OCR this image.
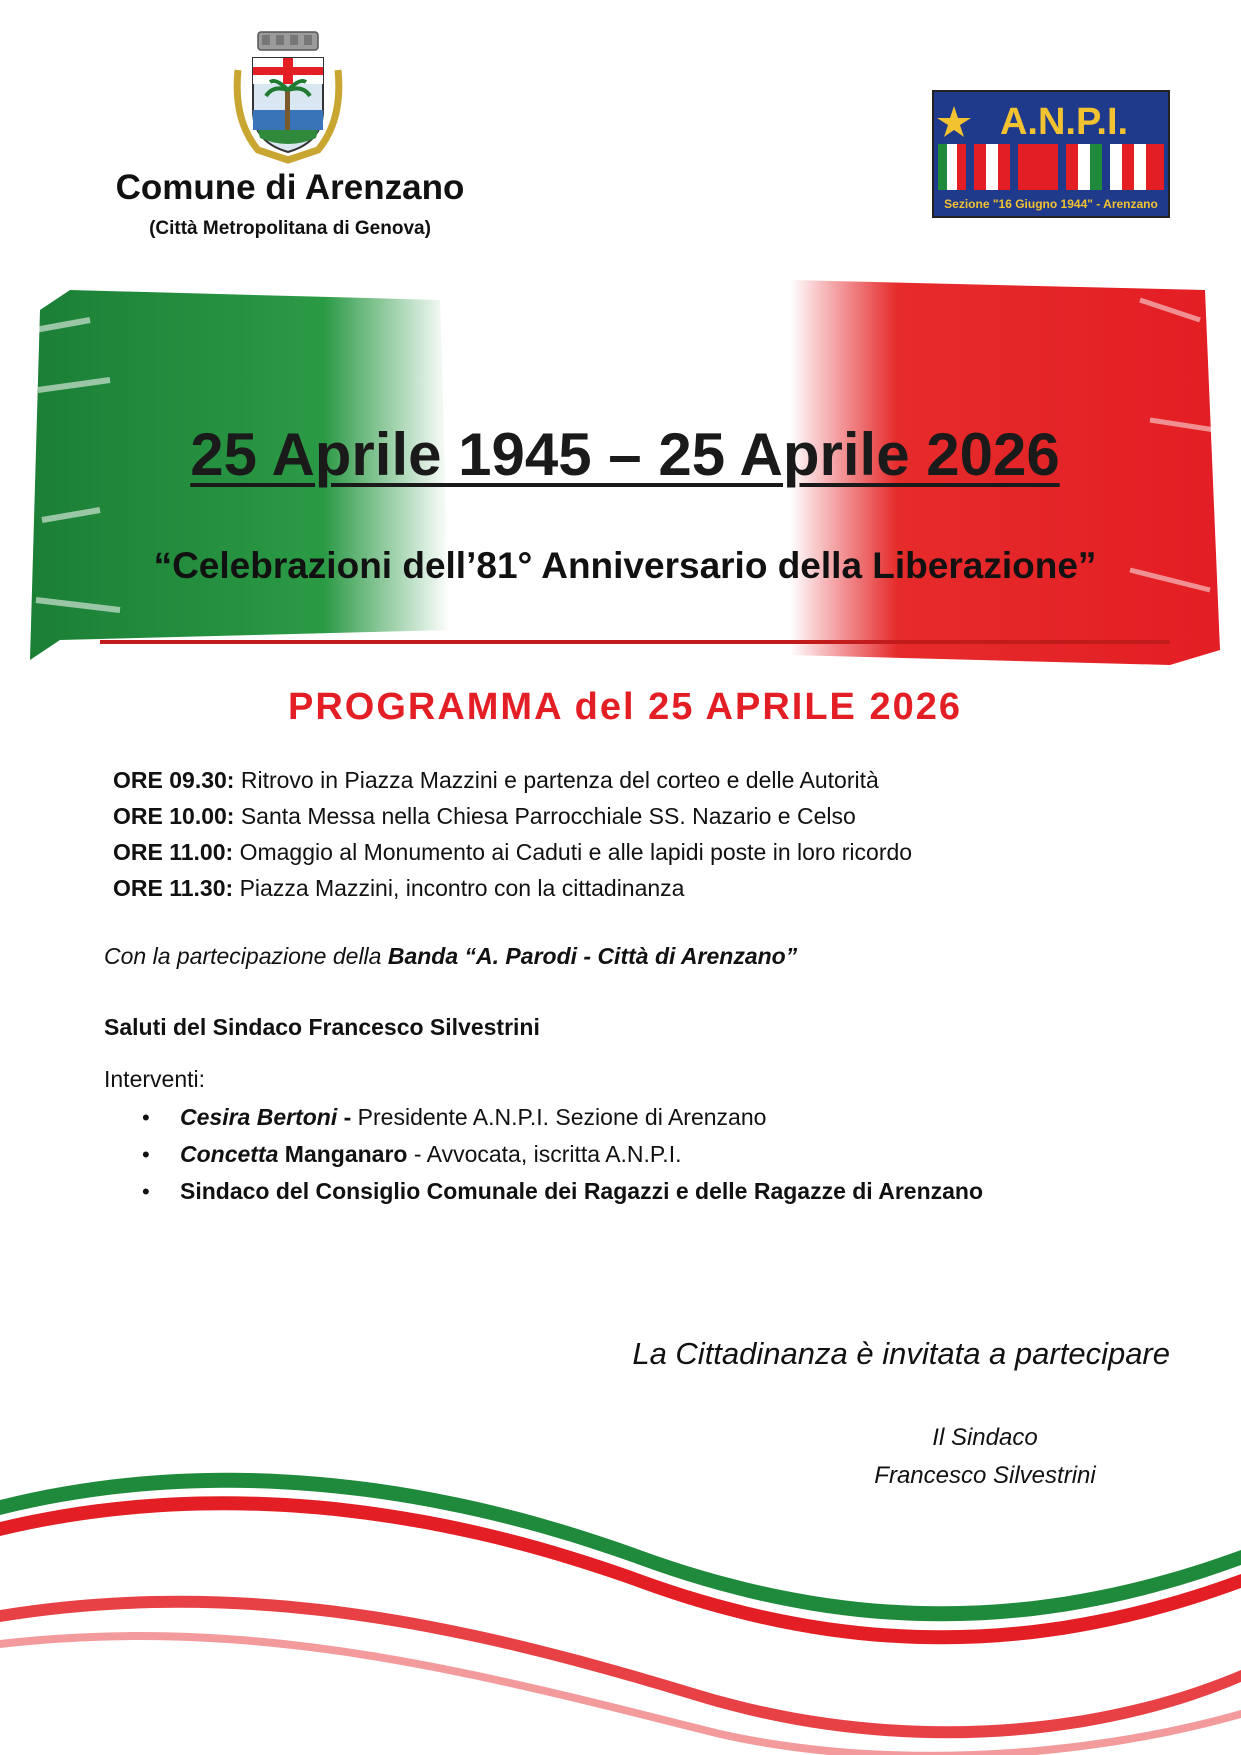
Comune di Arenzano
(Città Metropolitana di Genova)
A.N.P.I.
Sezione "16 Giugno 1944" - Arenzano
25 Aprile 1945 – 25 Aprile 2026
“Celebrazioni dell’81° Anniversario della Liberazione”
PROGRAMMA del 25 APRILE 2026
ORE 09.30: Ritrovo in Piazza Mazzini e partenza del corteo e delle Autorità
ORE 10.00: Santa Messa nella Chiesa Parrocchiale SS. Nazario e Celso
ORE 11.00: Omaggio al Monumento ai Caduti e alle lapidi poste in loro ricordo
ORE 11.30: Piazza Mazzini, incontro con la cittadinanza
Con la partecipazione della Banda “A. Parodi - Città di Arenzano”
Saluti del Sindaco Francesco Silvestrini
Interventi:
• Cesira Bertoni - Presidente A.N.P.I. Sezione di Arenzano
• Concetta Manganaro - Avvocata, iscritta A.N.P.I.
• Sindaco del Consiglio Comunale dei Ragazzi e delle Ragazze di Arenzano
La Cittadinanza è invitata a partecipare
Il Sindaco
Francesco Silvestrini
